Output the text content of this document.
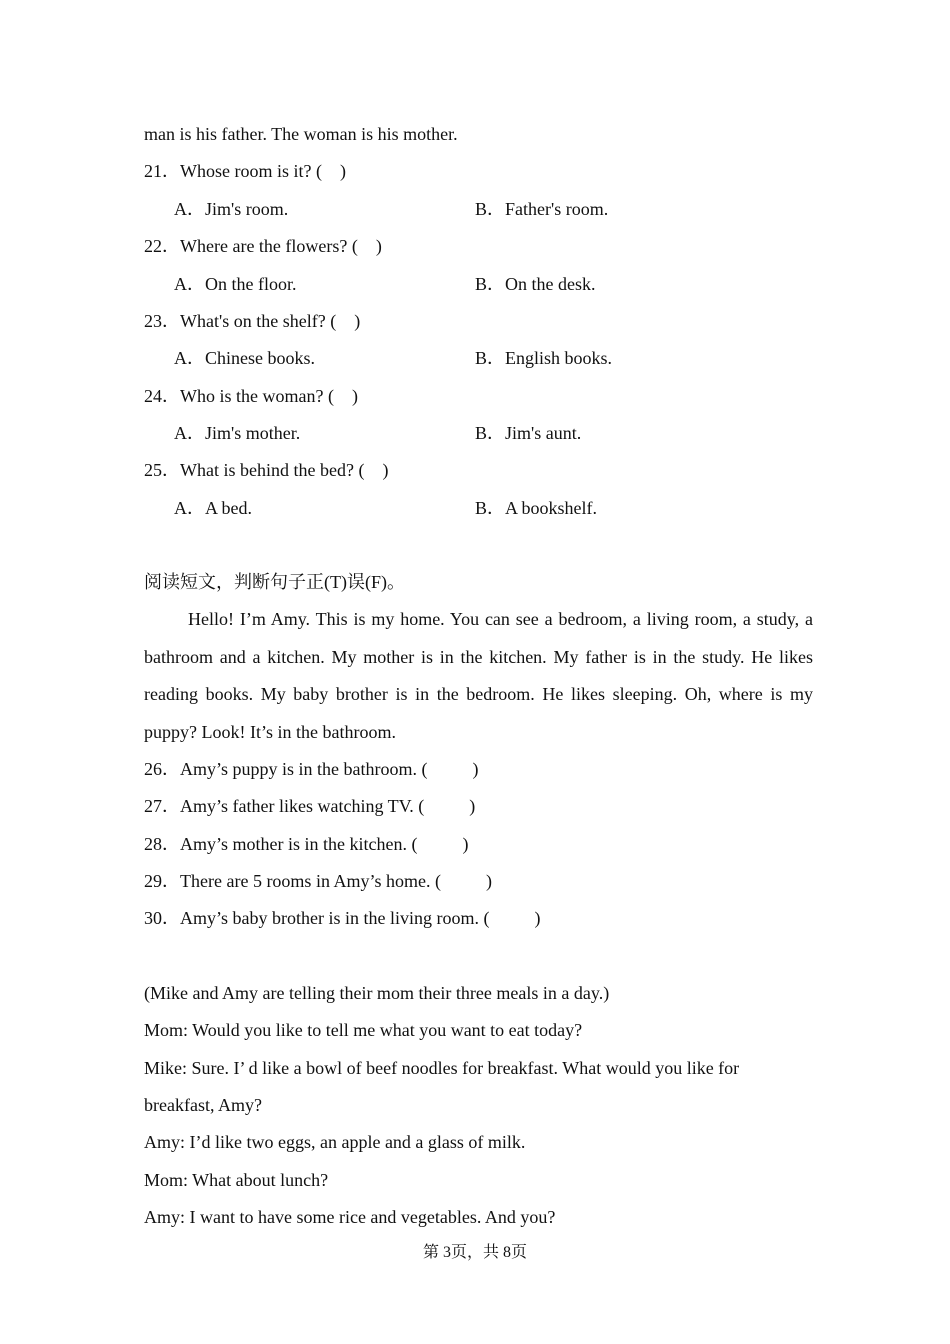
man is his father. The woman is his mother.
21．Whose room is it? (    )
A．Jim's room.	B．Father's room.
22．Where are the flowers? (    )
A．On the floor.	B．On the desk.
23．What's on the shelf? (    )
A．Chinese books.	B．English books.
24．Who is the woman? (    )
A．Jim's mother.	B．Jim's aunt.
25．What is behind the bed? (    )
A．A bed.	B．A bookshelf.
阅读短文，判断句子正(T)误(F)。
Hello! I’m Amy. This is my home. You can see a bedroom, a living room, a study, a bathroom and a kitchen. My mother is in the kitchen. My father is in the study. He likes reading books. My baby brother is in the bedroom. He likes sleeping. Oh, where is my puppy? Look! It’s in the bathroom.
26．Amy’s puppy is in the bathroom. (          )
27．Amy’s father likes watching TV. (          )
28．Amy’s mother is in the kitchen. (          )
29．There are 5 rooms in Amy’s home. (          )
30．Amy’s baby brother is in the living room. (          )
(Mike and Amy are telling their mom their three meals in a day.)
Mom: Would you like to tell me what you want to eat today?
Mike: Sure. I’ d like a bowl of beef noodles for breakfast. What would you like for
breakfast, Amy?
Amy: I’d like two eggs, an apple and a glass of milk.
Mom: What about lunch?
Amy: I want to have some rice and vegetables. And you?
第 3页，共 8页
